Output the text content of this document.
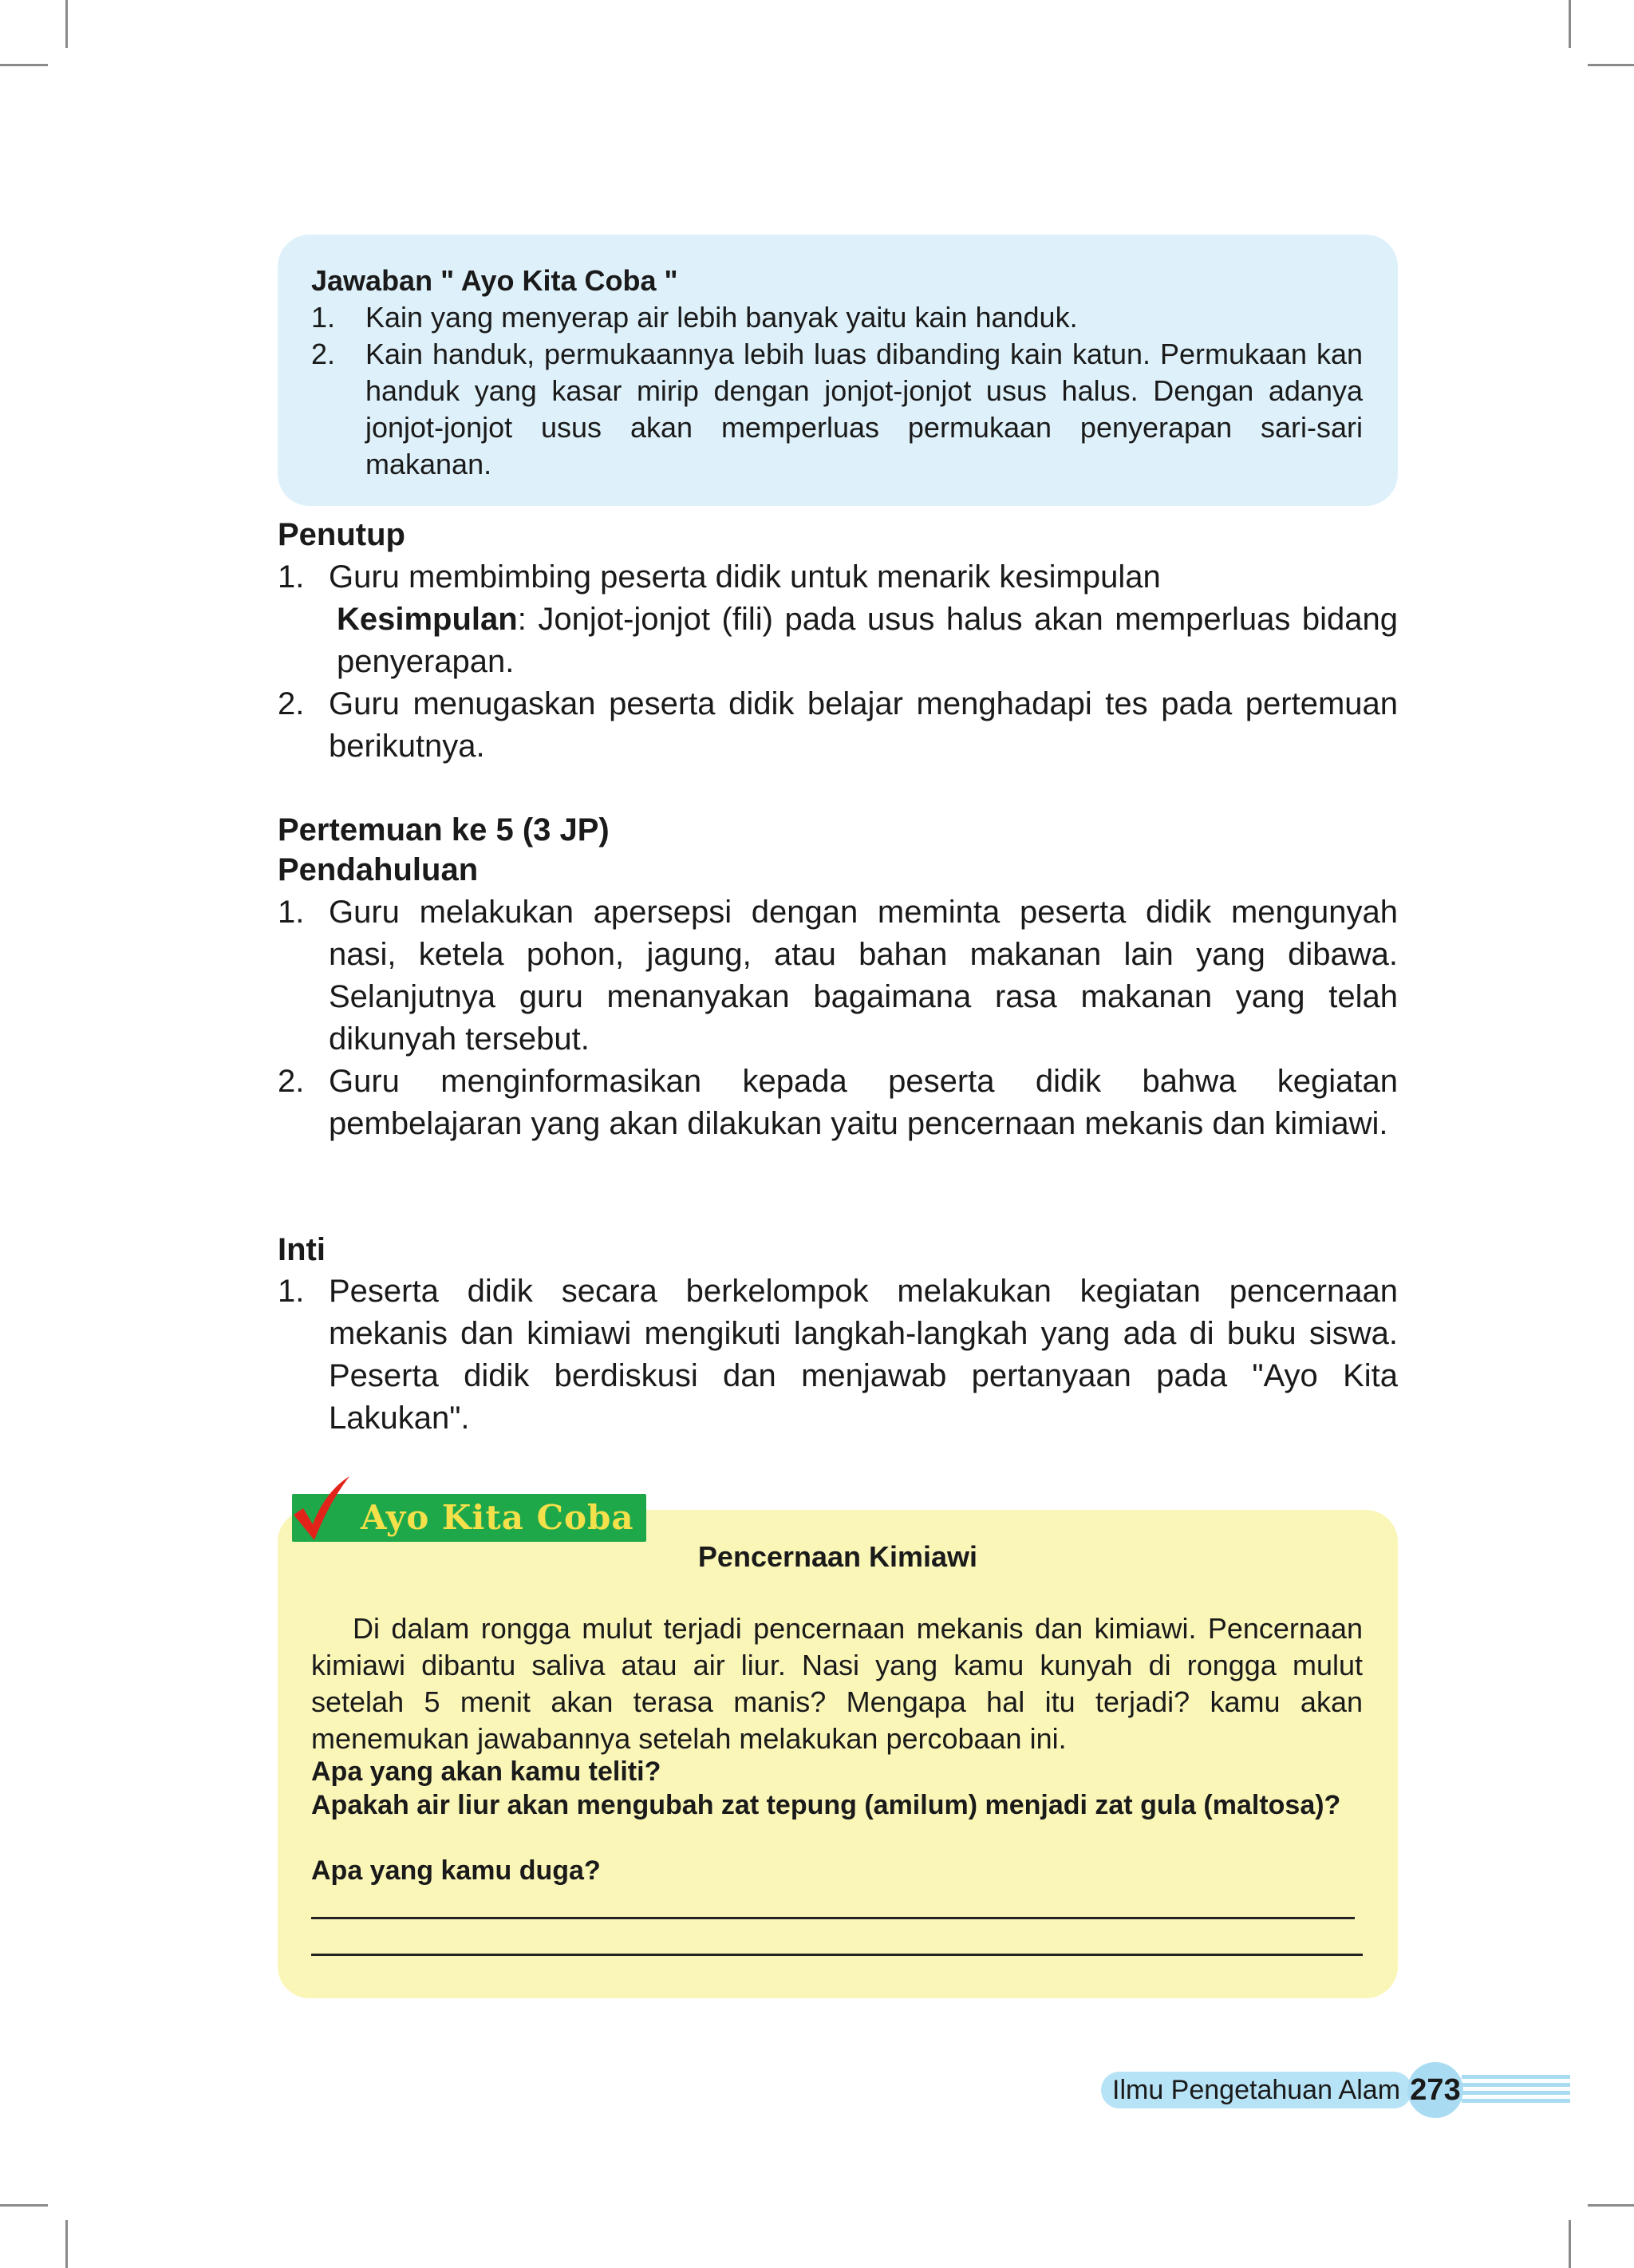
Jawaban " Ayo Kita Coba "
1. Kain yang menyerap air lebih banyak yaitu kain handuk.
2. Kain handuk, permukaannya lebih luas dibanding kain katun. Permukaan kan handuk yang kasar mirip dengan jonjot-jonjot usus halus. Dengan adanya jonjot-jonjot usus akan memperluas permukaan penyerapan sari-sari makanan.
Penutup
1. Guru membimbing peserta didik untuk menarik kesimpulan
Kesimpulan: Jonjot-jonjot (fili) pada usus halus akan memperluas bidang penyerapan.
2. Guru menugaskan peserta didik belajar menghadapi tes pada pertemuan berikutnya.
Pertemuan ke 5 (3 JP)
Pendahuluan
1. Guru melakukan apersepsi dengan meminta peserta didik mengunyah nasi, ketela pohon, jagung, atau bahan makanan lain yang dibawa. Selanjutnya guru menanyakan bagaimana rasa makanan yang telah dikunyah tersebut.
2. Guru menginformasikan kepada peserta didik bahwa kegiatan pembelajaran yang akan dilakukan yaitu pencernaan mekanis dan kimiawi.
Inti
1. Peserta didik secara berkelompok melakukan kegiatan pencernaan mekanis dan kimiawi mengikuti langkah-langkah yang ada di buku siswa. Peserta didik berdiskusi dan menjawab pertanyaan pada "Ayo Kita Lakukan".
Ayo Kita Coba
Pencernaan Kimiawi
Di dalam rongga mulut terjadi pencernaan mekanis dan kimiawi. Pencernaan kimiawi dibantu saliva atau air liur. Nasi yang kamu kunyah di rongga mulut setelah 5 menit akan terasa manis? Mengapa hal itu terjadi? kamu akan menemukan jawabannya setelah melakukan percobaan ini.
Apa yang akan kamu teliti?
Apakah air liur akan mengubah zat tepung (amilum) menjadi zat gula (maltosa)?
Apa yang kamu duga?
Ilmu Pengetahuan Alam 273
